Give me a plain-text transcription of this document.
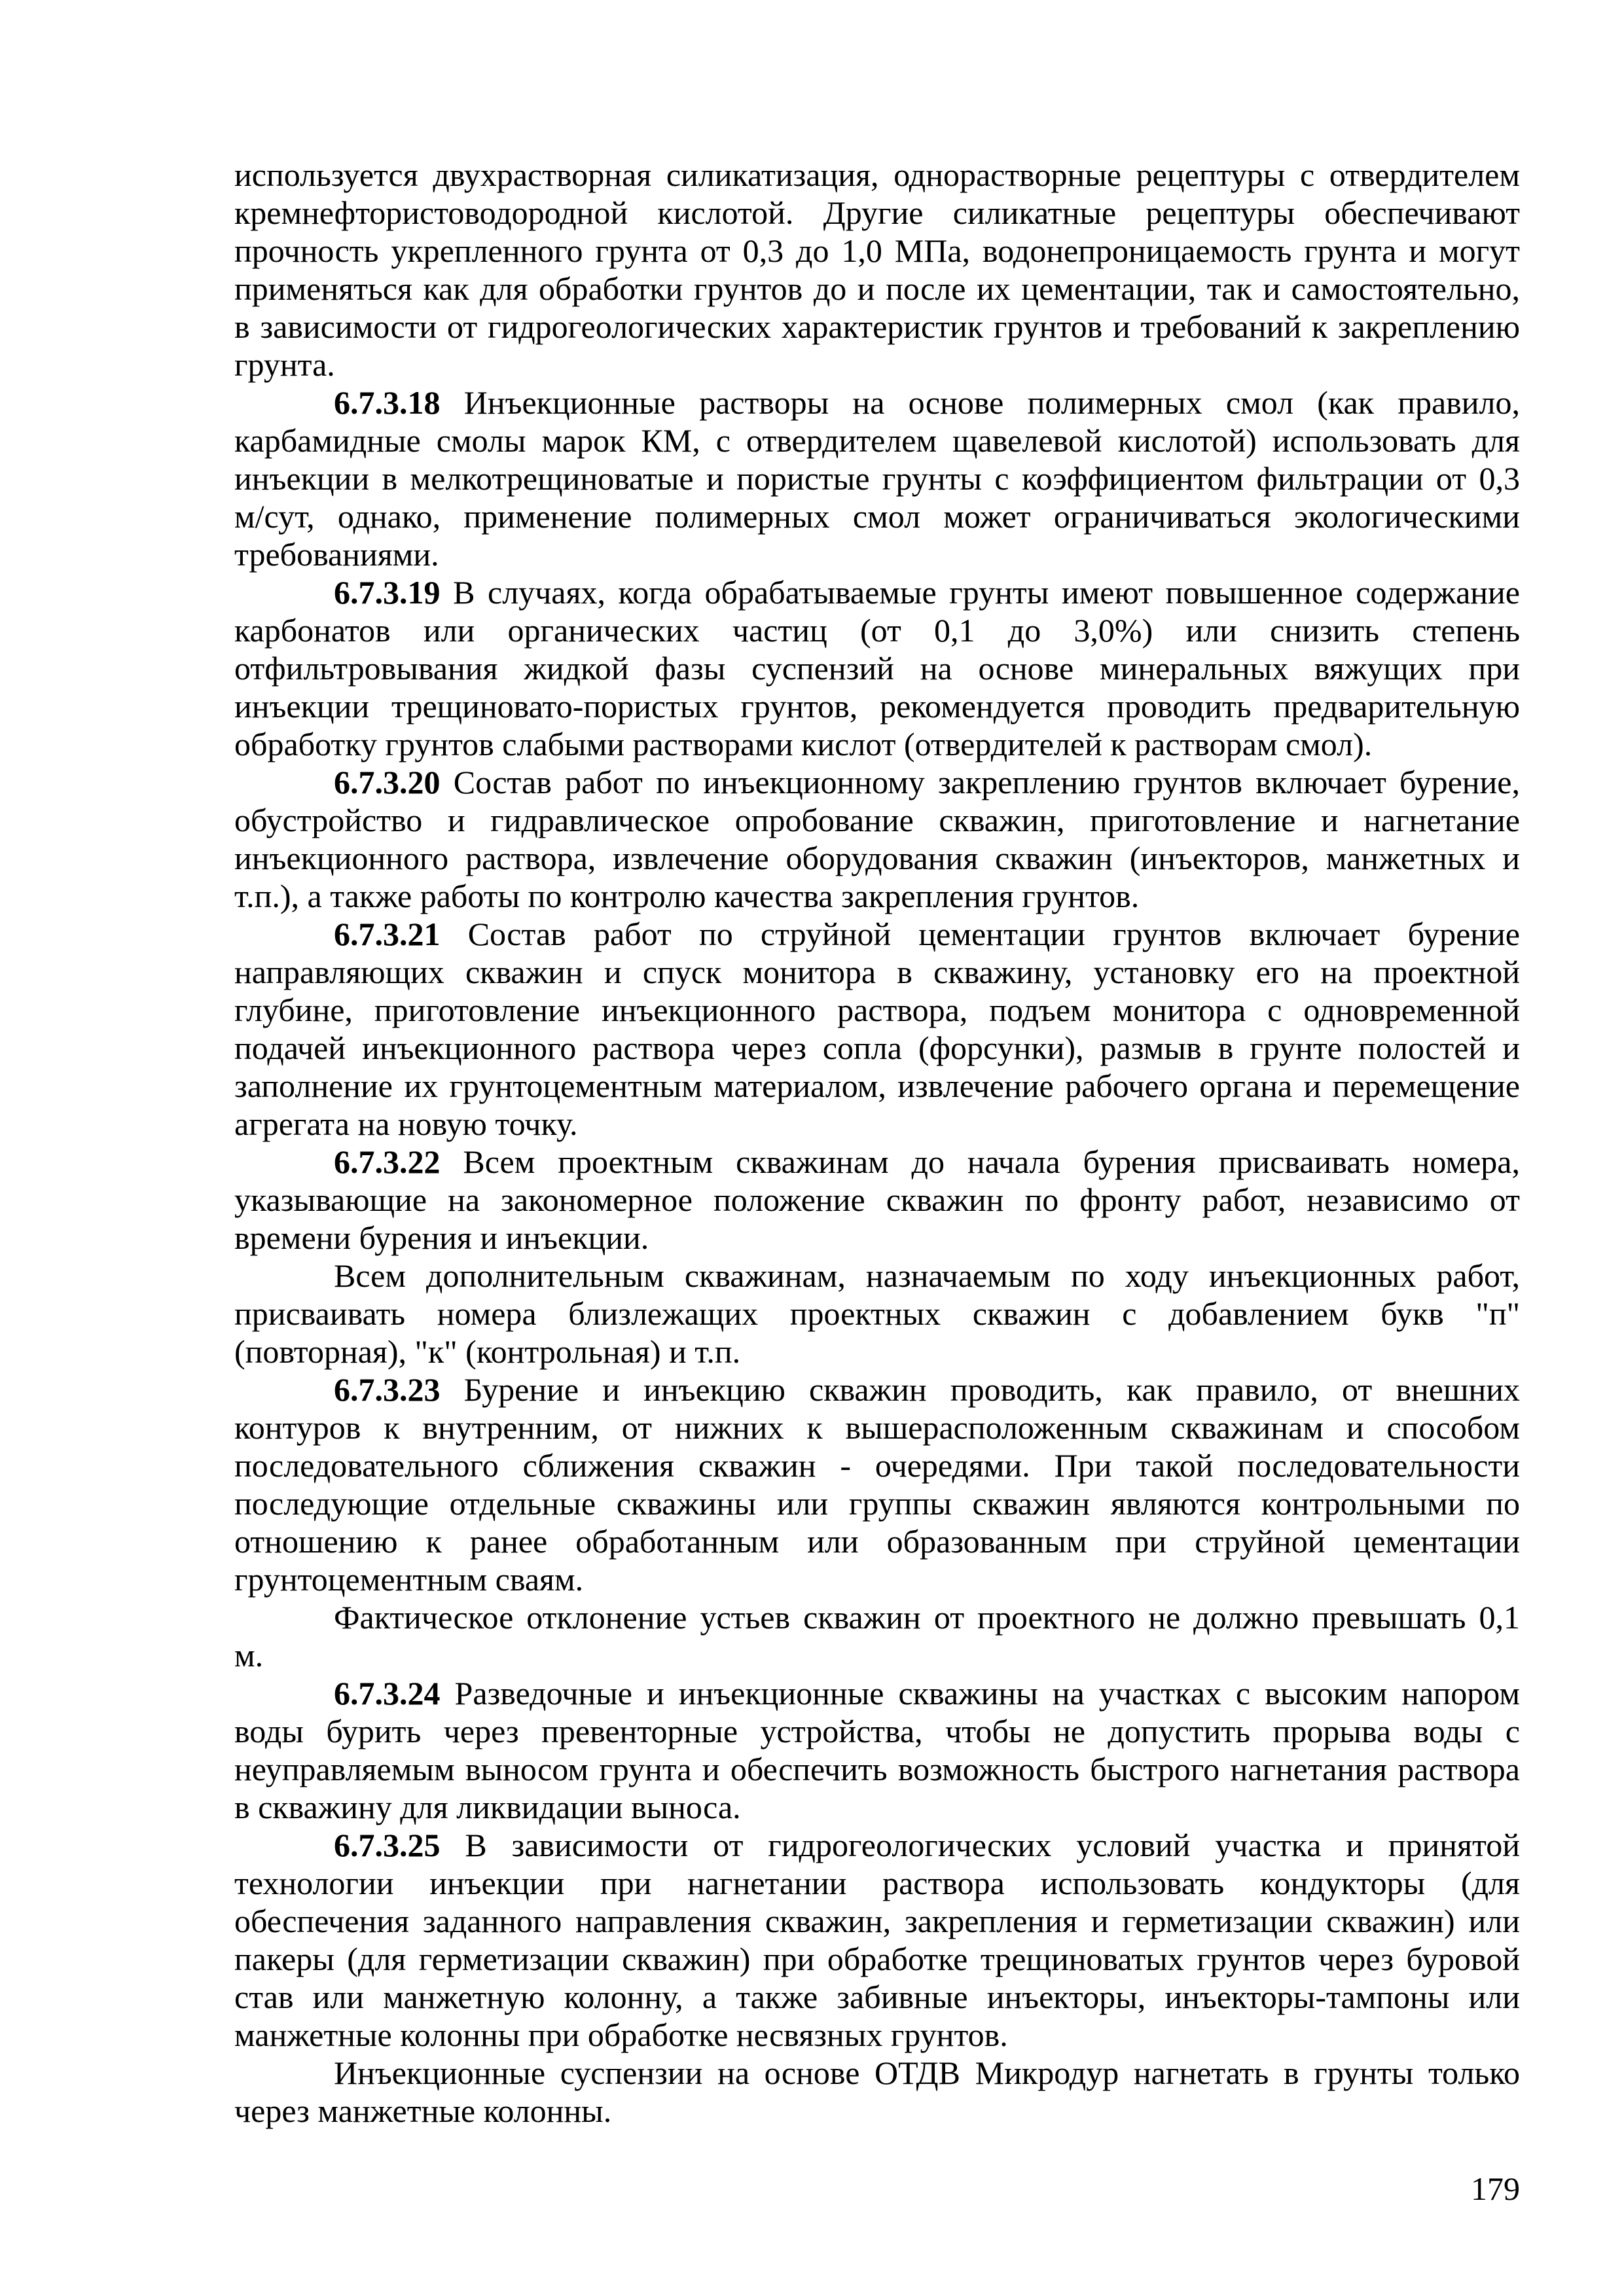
используется двухрастворная силикатизация, однорастворные рецептуры с отвердителем
кремнефтористоводородной кислотой. Другие силикатные рецептуры обеспечивают
прочность укрепленного грунта от 0,3 до 1,0 МПа, водонепроницаемость грунта и могут
применяться как для обработки грунтов до и после их цементации, так и самостоятельно,
в зависимости от гидрогеологических характеристик грунтов и требований к закреплению
грунта.
6.7.3.18 Инъекционные растворы на основе полимерных смол (как правило,
карбамидные смолы марок КМ, с отвердителем щавелевой кислотой) использовать для
инъекции в мелкотрещиноватые и пористые грунты с коэффициентом фильтрации от 0,3
м/сут, однако, применение полимерных смол может ограничиваться экологическими
требованиями.
6.7.3.19 В случаях, когда обрабатываемые грунты имеют повышенное содержание
карбонатов или органических частиц (от 0,1 до 3,0%) или снизить степень
отфильтровывания жидкой фазы суспензий на основе минеральных вяжущих при
инъекции трещиновато-пористых грунтов, рекомендуется проводить предварительную
обработку грунтов слабыми растворами кислот (отвердителей к растворам смол).
6.7.3.20 Состав работ по инъекционному закреплению грунтов включает бурение,
обустройство и гидравлическое опробование скважин, приготовление и нагнетание
инъекционного раствора, извлечение оборудования скважин (инъекторов, манжетных и
т.п.), а также работы по контролю качества закрепления грунтов.
6.7.3.21 Состав работ по струйной цементации грунтов включает бурение
направляющих скважин и спуск монитора в скважину, установку его на проектной
глубине, приготовление инъекционного раствора, подъем монитора с одновременной
подачей инъекционного раствора через сопла (форсунки), размыв в грунте полостей и
заполнение их грунтоцементным материалом, извлечение рабочего органа и перемещение
агрегата на новую точку.
6.7.3.22 Всем проектным скважинам до начала бурения присваивать номера,
указывающие на закономерное положение скважин по фронту работ, независимо от
времени бурения и инъекции.
Всем дополнительным скважинам, назначаемым по ходу инъекционных работ,
присваивать номера близлежащих проектных скважин с добавлением букв "п"
(повторная), "к" (контрольная) и т.п.
6.7.3.23 Бурение и инъекцию скважин проводить, как правило, от внешних
контуров к внутренним, от нижних к вышерасположенным скважинам и способом
последовательного сближения скважин - очередями. При такой последовательности
последующие отдельные скважины или группы скважин являются контрольными по
отношению к ранее обработанным или образованным при струйной цементации
грунтоцементным сваям.
Фактическое отклонение устьев скважин от проектного не должно превышать 0,1
м.
6.7.3.24 Разведочные и инъекционные скважины на участках с высоким напором
воды бурить через превенторные устройства, чтобы не допустить прорыва воды с
неуправляемым выносом грунта и обеспечить возможность быстрого нагнетания раствора
в скважину для ликвидации выноса.
6.7.3.25 В зависимости от гидрогеологических условий участка и принятой
технологии инъекции при нагнетании раствора использовать кондукторы (для
обеспечения заданного направления скважин, закрепления и герметизации скважин) или
пакеры (для герметизации скважин) при обработке трещиноватых грунтов через буровой
став или манжетную колонну, а также забивные инъекторы, инъекторы-тампоны или
манжетные колонны при обработке несвязных грунтов.
Инъекционные суспензии на основе ОТДВ Микродур нагнетать в грунты только
через манжетные колонны.
179
